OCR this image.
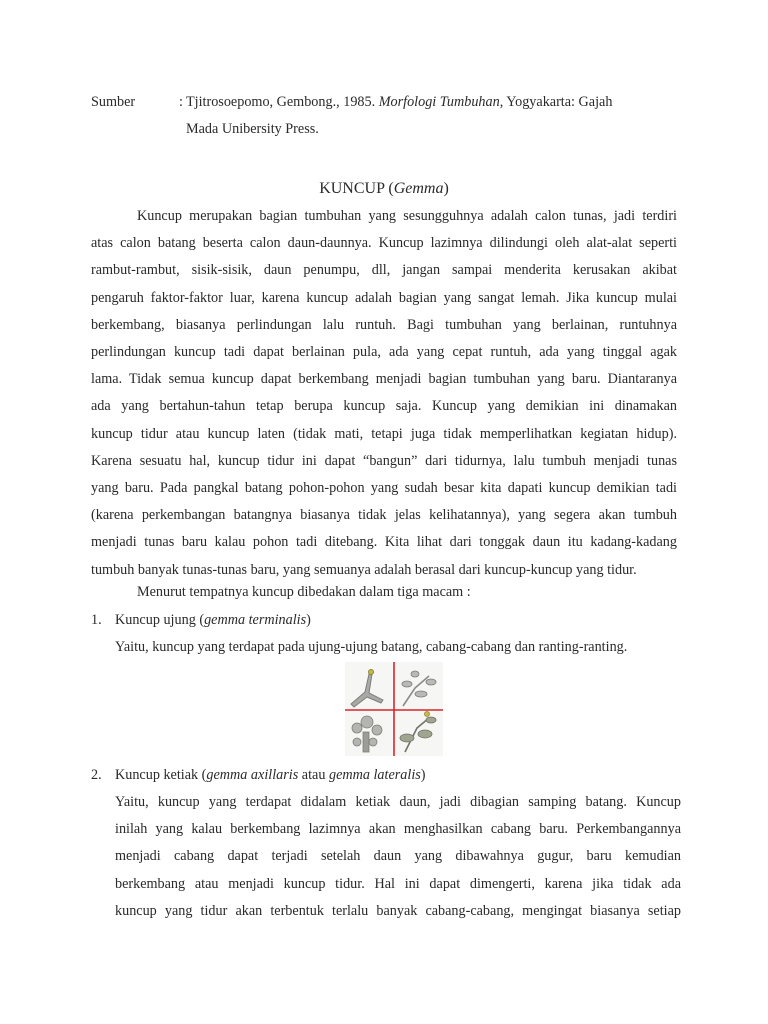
Sumber	: Tjitrosoepomo, Gembong., 1985. Morfologi Tumbuhan, Yogyakarta: Gajah
Mada Unibersity Press.
KUNCUP (Gemma)
Kuncup merupakan bagian tumbuhan yang sesungguhnya adalah calon tunas, jadi terdiri
atas calon batang beserta calon daun-daunnya. Kuncup lazimnya dilindungi oleh alat-alat seperti
rambut-rambut, sisik-sisik, daun penumpu, dll, jangan sampai menderita kerusakan akibat
pengaruh faktor-faktor luar, karena kuncup adalah bagian yang sangat lemah. Jika kuncup mulai
berkembang, biasanya perlindungan lalu runtuh. Bagi tumbuhan yang berlainan, runtuhnya
perlindungan kuncup tadi dapat berlainan pula, ada yang cepat runtuh, ada yang tinggal agak
lama. Tidak semua kuncup dapat berkembang menjadi bagian tumbuhan yang baru. Diantaranya
ada yang bertahun-tahun tetap berupa kuncup saja. Kuncup yang demikian ini dinamakan
kuncup tidur atau kuncup laten (tidak mati, tetapi juga tidak memperlihatkan kegiatan hidup).
Karena sesuatu hal, kuncup tidur ini dapat “bangun” dari tidurnya, lalu tumbuh menjadi tunas
yang baru. Pada pangkal batang pohon-pohon yang sudah besar kita dapati kuncup demikian tadi
(karena perkembangan batangnya biasanya tidak jelas kelihatannya), yang segera akan tumbuh
menjadi tunas baru kalau pohon tadi ditebang. Kita lihat dari tonggak daun itu kadang-kadang
tumbuh banyak tunas-tunas baru, yang semuanya adalah berasal dari kuncup-kuncup yang tidur.
Menurut tempatnya kuncup dibedakan dalam tiga macam :
1. Kuncup ujung (gemma terminalis)
Yaitu, kuncup yang terdapat pada ujung-ujung batang, cabang-cabang dan ranting-ranting.
2. Kuncup ketiak (gemma axillaris atau gemma lateralis)
Yaitu, kuncup yang terdapat didalam ketiak daun, jadi dibagian samping batang. Kuncup
inilah yang kalau berkembang lazimnya akan menghasilkan cabang baru. Perkembangannya
menjadi cabang dapat terjadi setelah daun yang dibawahnya gugur, baru kemudian
berkembang atau menjadi kuncup tidur. Hal ini dapat dimengerti, karena jika tidak ada
kuncup yang tidur akan terbentuk terlalu banyak cabang-cabang, mengingat biasanya setiap
